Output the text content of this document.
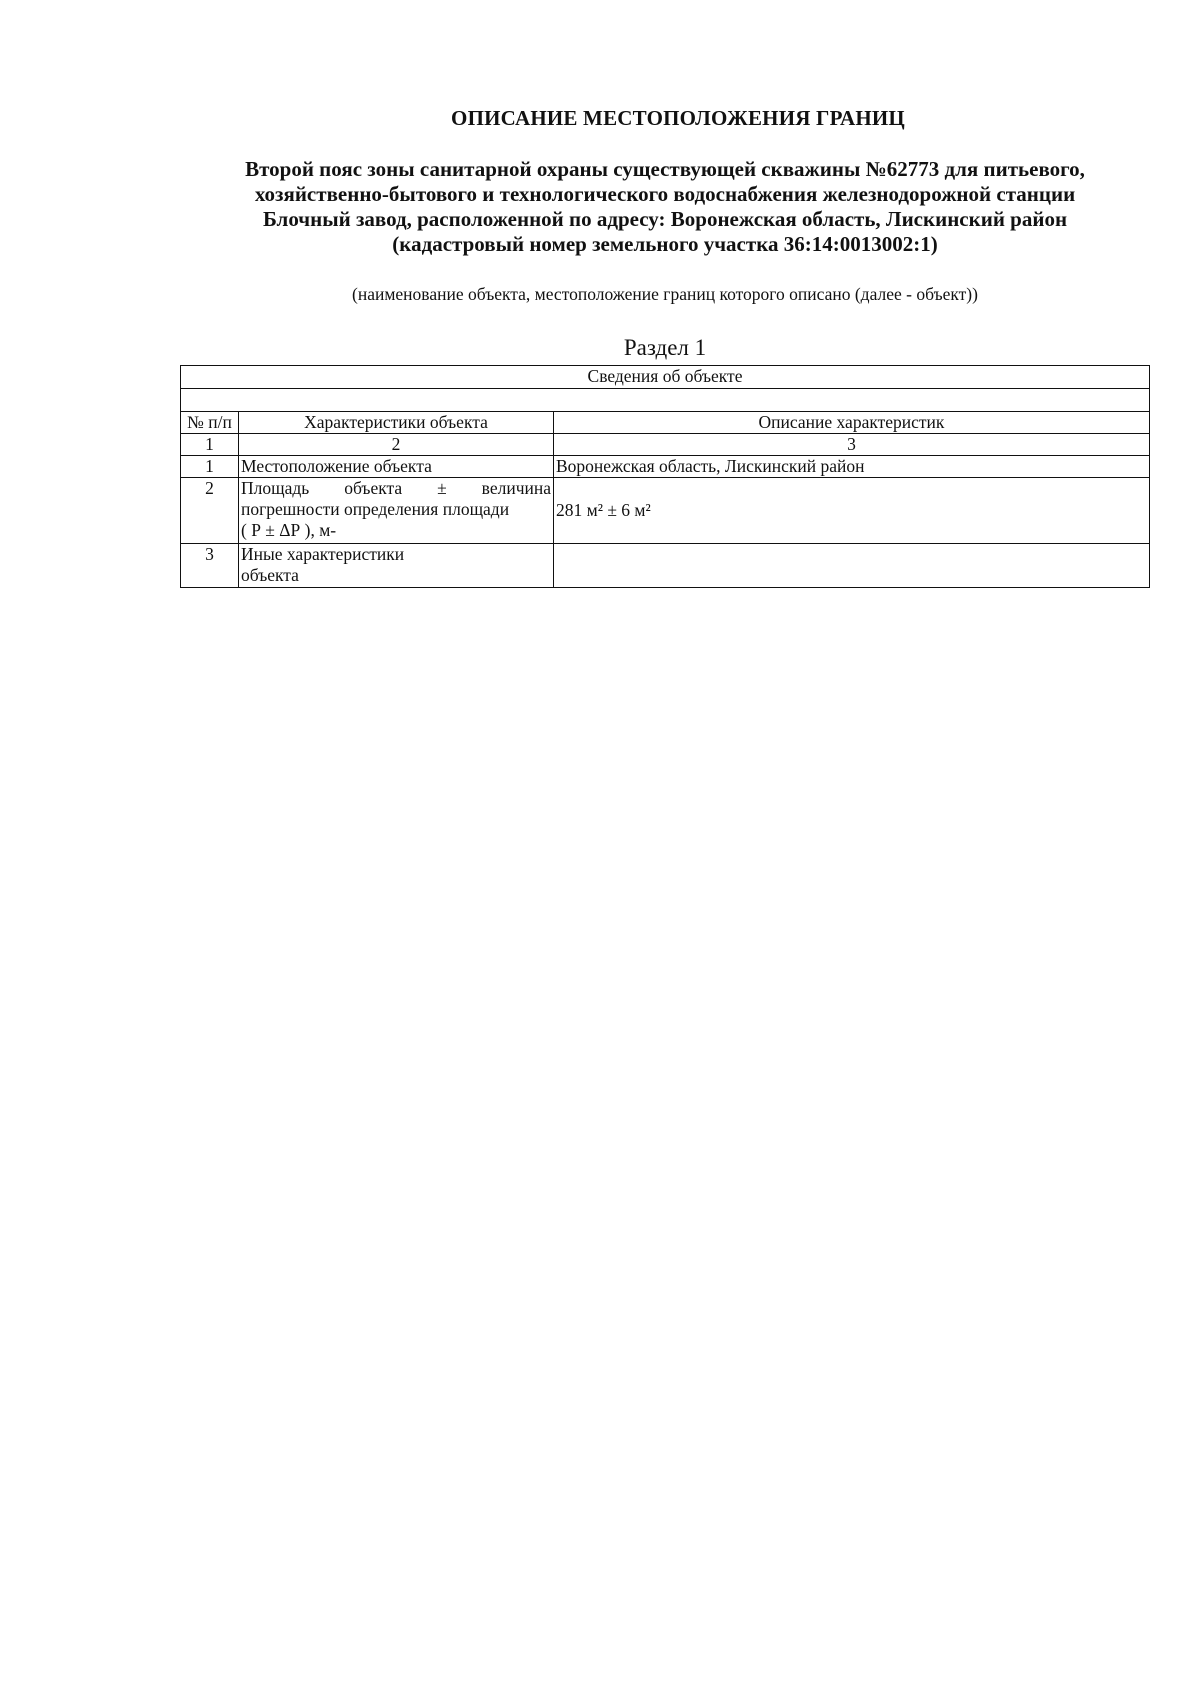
ОПИСАНИЕ МЕСТОПОЛОЖЕНИЯ ГРАНИЦ
Второй пояс зоны санитарной охраны существующей скважины №62773 для питьевого,
хозяйственно-бытового и технологического водоснабжения железнодорожной станции
Блочный завод, расположенной по адресу: Воронежская область, Лискинский район
(кадастровый номер земельного участка 36:14:0013002:1)
(наименование объекта, местоположение границ которого описано (далее - объект))
Раздел 1
Сведения об объекте		

№ п/п	Характеристики объекта	Описание характеристик
1	2	3
1	Местоположение объекта	Воронежская область, Лискинский район
2	Площадь объекта ± величина
погрешности определения площади
( Р ± ΔР ), м-	281 м² ± 6 м²
3	Иные характеристики
объекта	
